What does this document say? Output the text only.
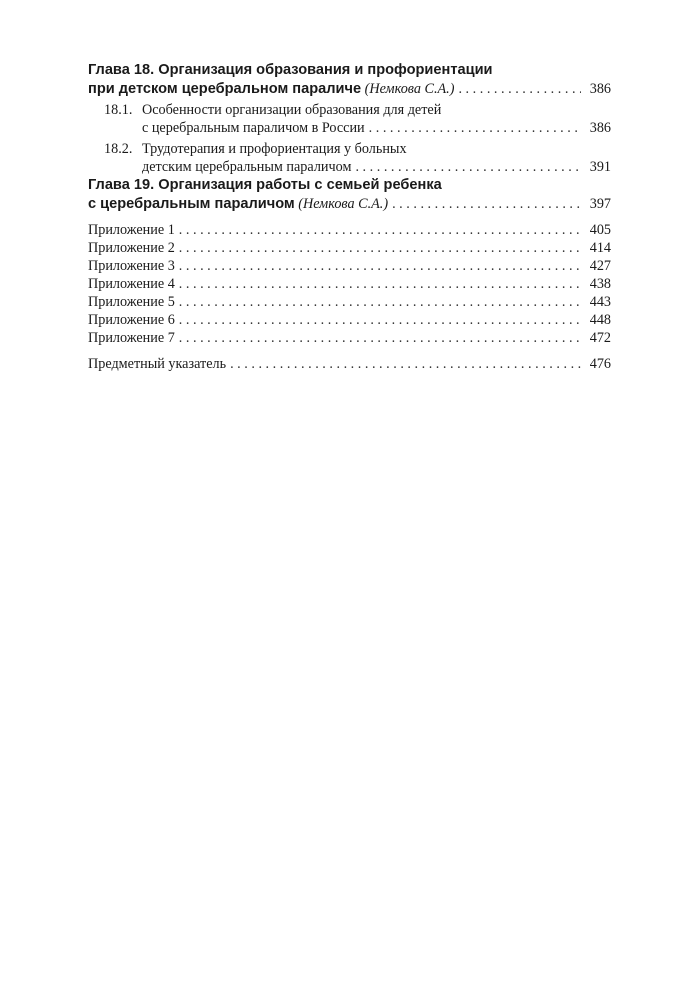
Глава 18. Организация образования и профориентации
при детском церебральном параличе (Немкова С.А.) . . .	386
18.1. Особенности организации образования для детей
с церебральным параличом в России . . .	386
18.2. Трудотерапия и профориентация у больных
детским церебральным параличом . . .	391
Глава 19. Организация работы с семьей ребенка
с церебральным параличом (Немкова С.А.) . . .	397
Приложение 1 . . .	405
Приложение 2 . . .	414
Приложение 3 . . .	427
Приложение 4 . . .	438
Приложение 5 . . .	443
Приложение 6 . . .	448
Приложение 7 . . .	472
Предметный указатель . . .	476
